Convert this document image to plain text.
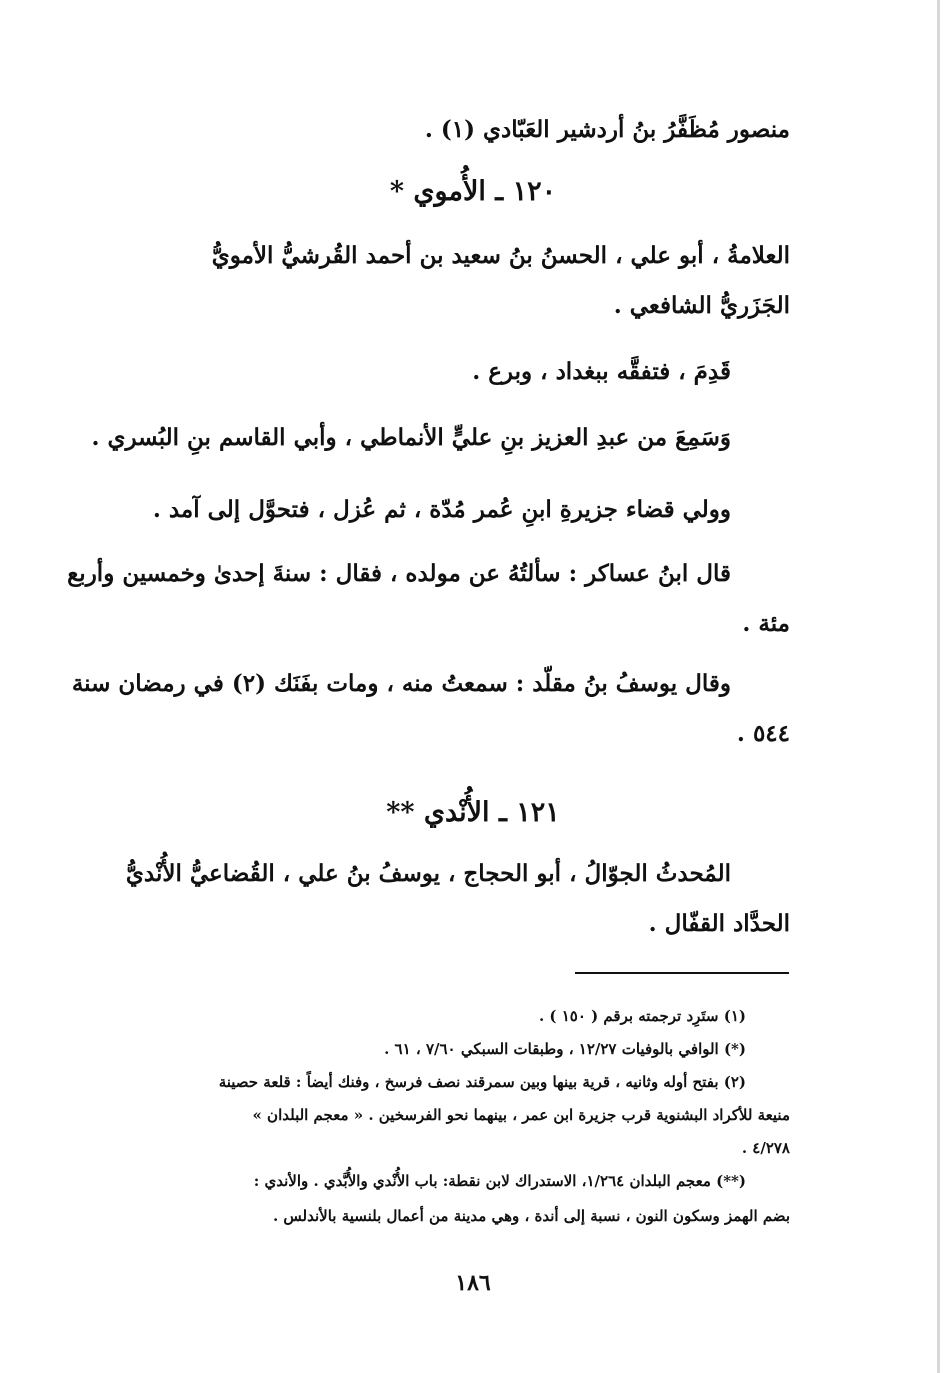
منصور مُظَفَّرُ بنُ أردشير العَبّادي (١) .
١٢٠ ـ الأُموي *
العلامةُ ، أبو علي ، الحسنُ بنُ سعيد بن أحمد القُرشيُّ الأمويُّ
الجَزَريُّ الشافعي .
قَدِمَ ، فتفقَّه ببغداد ، وبرع .
وَسَمِعَ من عبدِ العزيز بنِ عليٍّ الأنماطي ، وأبي القاسم بنِ البُسري .
وولي قضاء جزيرةِ ابنِ عُمر مُدّة ، ثم عُزل ، فتحوَّل إلى آمد .
قال ابنُ عساكر : سألتُهُ عن مولده ، فقال : سنةَ إحدىٰ وخمسين وأربع
مئة .
وقال يوسفُ بنُ مقلّد : سمعتُ منه ، ومات بفَنَك (٢) في رمضان سنة
٥٤٤ .
١٢١ ـ الأُنْدي **
المُحدثُ الجوّالُ ، أبو الحجاج ، يوسفُ بنُ علي ، القُضاعيُّ الأُنْديُّ
الحدَّاد القفّال .
(١) ستَرِد ترجمته برقم ( ١٥٠ ) .
(*) الوافي بالوفيات ١٢/٢٧ ، وطبقات السبكي ٧/٦٠ ، ٦١ .
(٢) بفتح أوله وثانيه ، قرية بينها وبين سمرقند نصف فرسخ ، وفنك أيضاً : قلعة حصينة
منيعة للأكراد البشنوية قرب جزيرة ابن عمر ، بينهما نحو الفرسخين . « معجم البلدان »
٤/٢٧٨ .
(**) معجم البلدان ١/٢٦٤، الاستدراك لابن نقطة: باب الأُنْدي والأُبَّدي . والأندي :
بضم الهمز وسكون النون ، نسبة إلى أندة ، وهي مدينة من أعمال بلنسية بالأندلس .
١٨٦
